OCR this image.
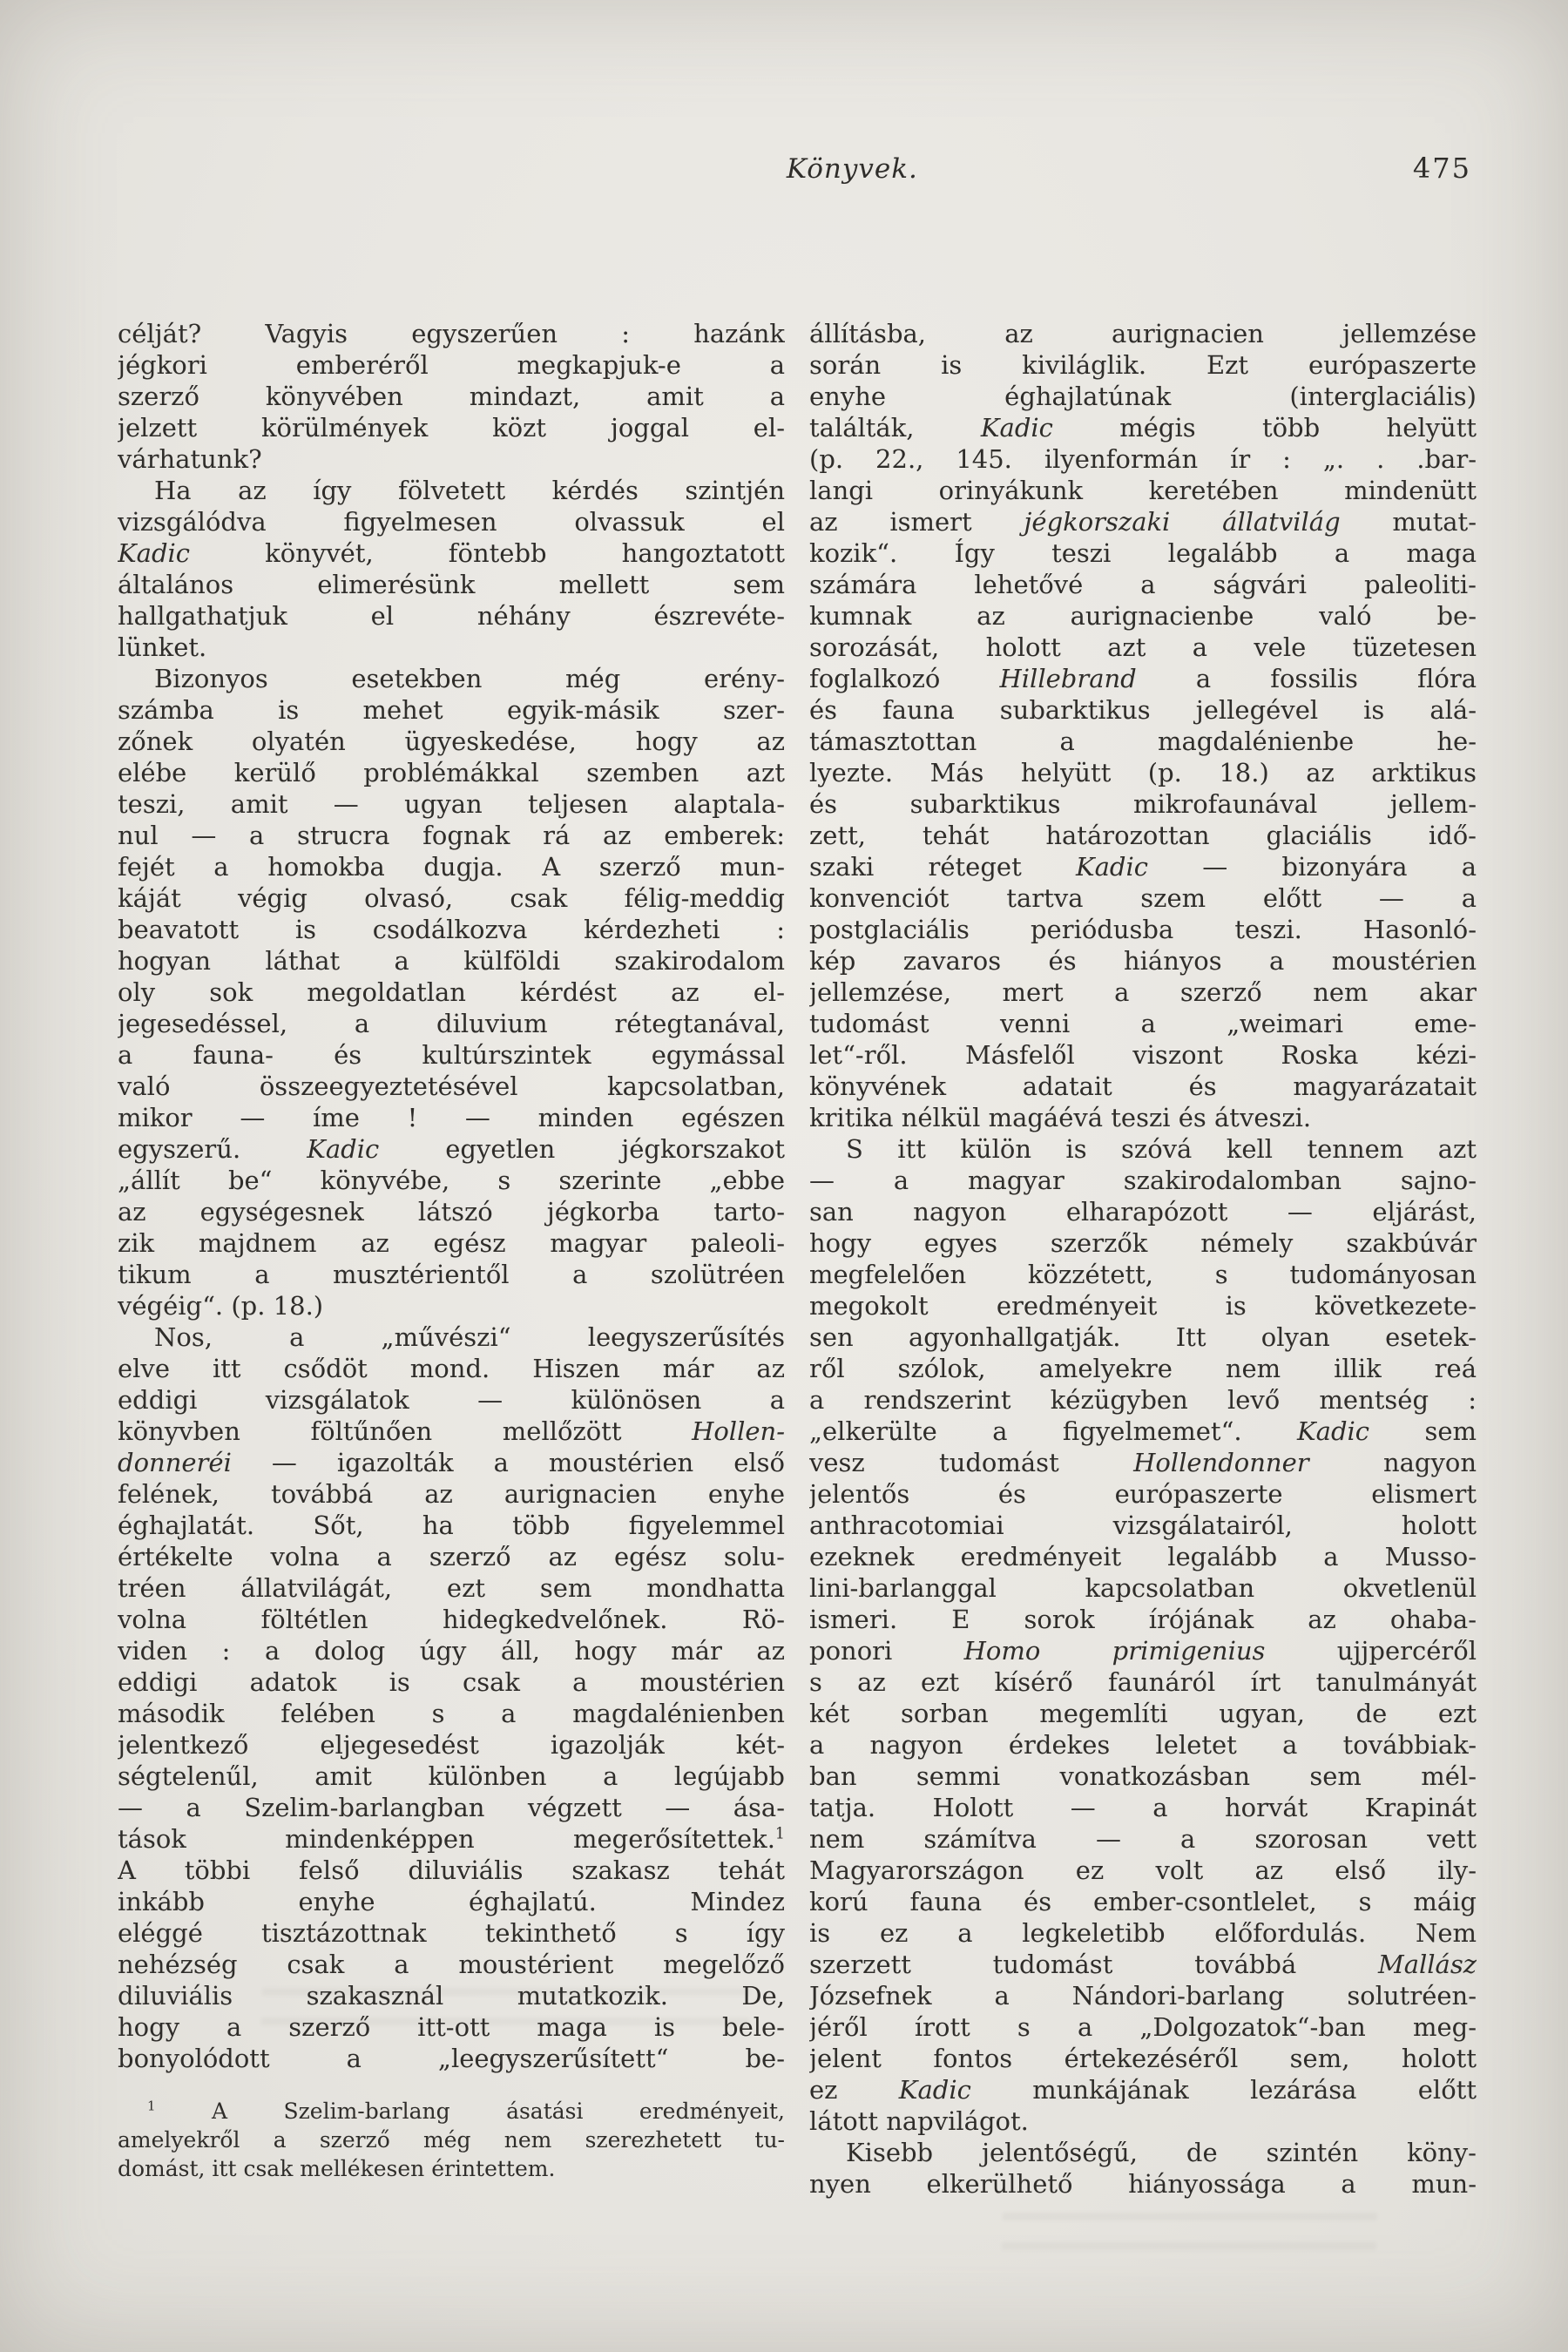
Könyvek.	475
célját? Vagyis egyszerűen : hazánk
jégkori emberéről megkapjuk-e a
szerző könyvében mindazt, amit a
jelzett körülmények közt joggal el-
várhatunk?
Ha az így fölvetett kérdés szintjén
vizsgálódva figyelmesen olvassuk el
Kadic könyvét, föntebb hangoztatott
általános elimerésünk mellett sem
hallgathatjuk el néhány észrevéte-
lünket.
Bizonyos esetekben még erény-
számba is mehet egyik-másik szer-
zőnek olyatén ügyeskedése, hogy az
elébe kerülő problémákkal szemben azt
teszi, amit — ugyan teljesen alaptala-
nul — a strucra fognak rá az emberek:
fejét a homokba dugja. A szerző mun-
káját végig olvasó, csak félig-meddig
beavatott is csodálkozva kérdezheti :
hogyan láthat a külföldi szakirodalom
oly sok megoldatlan kérdést az el-
jegesedéssel, a diluvium rétegtanával,
a fauna- és kultúrszintek egymással
való összeegyeztetésével kapcsolatban,
mikor — íme ! — minden egészen
egyszerű. Kadic egyetlen jégkorszakot
„állít be“ könyvébe, s szerinte „ebbe
az egységesnek látszó jégkorba tarto-
zik majdnem az egész magyar paleoli-
tikum a musztérientől a szolütréen
végéig“. (p. 18.)
Nos, a „művészi“ leegyszerűsítés
elve itt csődöt mond. Hiszen már az
eddigi vizsgálatok — különösen a
könyvben föltűnően mellőzött Hollen-
donneréi — igazolták a moustérien első
felének, továbbá az aurignacien enyhe
éghajlatát. Sőt, ha több figyelemmel
értékelte volna a szerző az egész solu-
tréen állatvilágát, ezt sem mondhatta
volna föltétlen hidegkedvelőnek. Rö-
viden : a dolog úgy áll, hogy már az
eddigi adatok is csak a moustérien
második felében s a magdalénienben
jelentkező eljegesedést igazolják két-
ségtelenűl, amit különben a legújabb
— a Szelim-barlangban végzett — ása-
tások mindenképpen megerősítettek.$^1$
A többi felső diluviális szakasz tehát
inkább enyhe éghajlatú. Mindez
eléggé tisztázottnak tekinthető s így
nehézség csak a moustérient megelőző
diluviális szakasznál mutatkozik. De,
hogy a szerző itt-ott maga is bele-
bonyolódott a „leegyszerűsített“ be-
$^1$ A Szelim-barlang ásatási eredményeit,
amelyekről a szerző még nem szerezhetett tu-
domást, itt csak mellékesen érintettem.
állításba, az aurignacien jellemzése
során is kiviláglik. Ezt európaszerte
enyhe éghajlatúnak (interglaciális)
találták, Kadic mégis több helyütt
(p. 22., 145. ilyenformán ír : „. . .bar-
langi orinyákunk keretében mindenütt
az ismert jégkorszaki állatvilág mutat-
kozik“. Így teszi legalább a maga
számára lehetővé a ságvári paleoliti-
kumnak az aurignacienbe való be-
sorozását, holott azt a vele tüzetesen
foglalkozó Hillebrand a fossilis flóra
és fauna subarktikus jellegével is alá-
támasztottan a magdalénienbe he-
lyezte. Más helyütt (p. 18.) az arktikus
és subarktikus mikrofaunával jellem-
zett, tehát határozottan glaciális idő-
szaki réteget Kadic — bizonyára a
konvenciót tartva szem előtt — a
postglaciális periódusba teszi. Hasonló-
kép zavaros és hiányos a moustérien
jellemzése, mert a szerző nem akar
tudomást venni a „weimari eme-
let“-ről. Másfelől viszont Roska kézi-
könyvének adatait és magyarázatait
kritika nélkül magáévá teszi és átveszi.
S itt külön is szóvá kell tennem azt
— a magyar szakirodalomban sajno-
san nagyon elharapózott — eljárást,
hogy egyes szerzők némely szakbúvár
megfelelően közzétett, s tudományosan
megokolt eredményeit is következete-
sen agyonhallgatják. Itt olyan esetek-
ről szólok, amelyekre nem illik reá
a rendszerint kézügyben levő mentség :
„elkerülte a figyelmemet“. Kadic sem
vesz tudomást Hollendonner nagyon
jelentős és európaszerte elismert
anthracotomiai vizsgálatairól, holott
ezeknek eredményeit legalább a Musso-
lini-barlanggal kapcsolatban okvetlenül
ismeri. E sorok írójának az ohaba-
ponori Homo primigenius ujjpercéről
s az ezt kísérő faunáról írt tanulmányát
két sorban megemlíti ugyan, de ezt
a nagyon érdekes leletet a továbbiak-
ban semmi vonatkozásban sem mél-
tatja. Holott — a horvát Krapinát
nem számítva — a szorosan vett
Magyarországon ez volt az első ily-
korú fauna és ember-csontlelet, s máig
is ez a legkeletibb előfordulás. Nem
szerzett tudomást továbbá Mallász
Józsefnek a Nándori-barlang solutréen-
jéről írott s a „Dolgozatok“-ban meg-
jelent fontos értekezéséről sem, holott
ez Kadic munkájának lezárása előtt
látott napvilágot.
Kisebb jelentőségű, de szintén köny-
nyen elkerülhető hiányossága a mun-
